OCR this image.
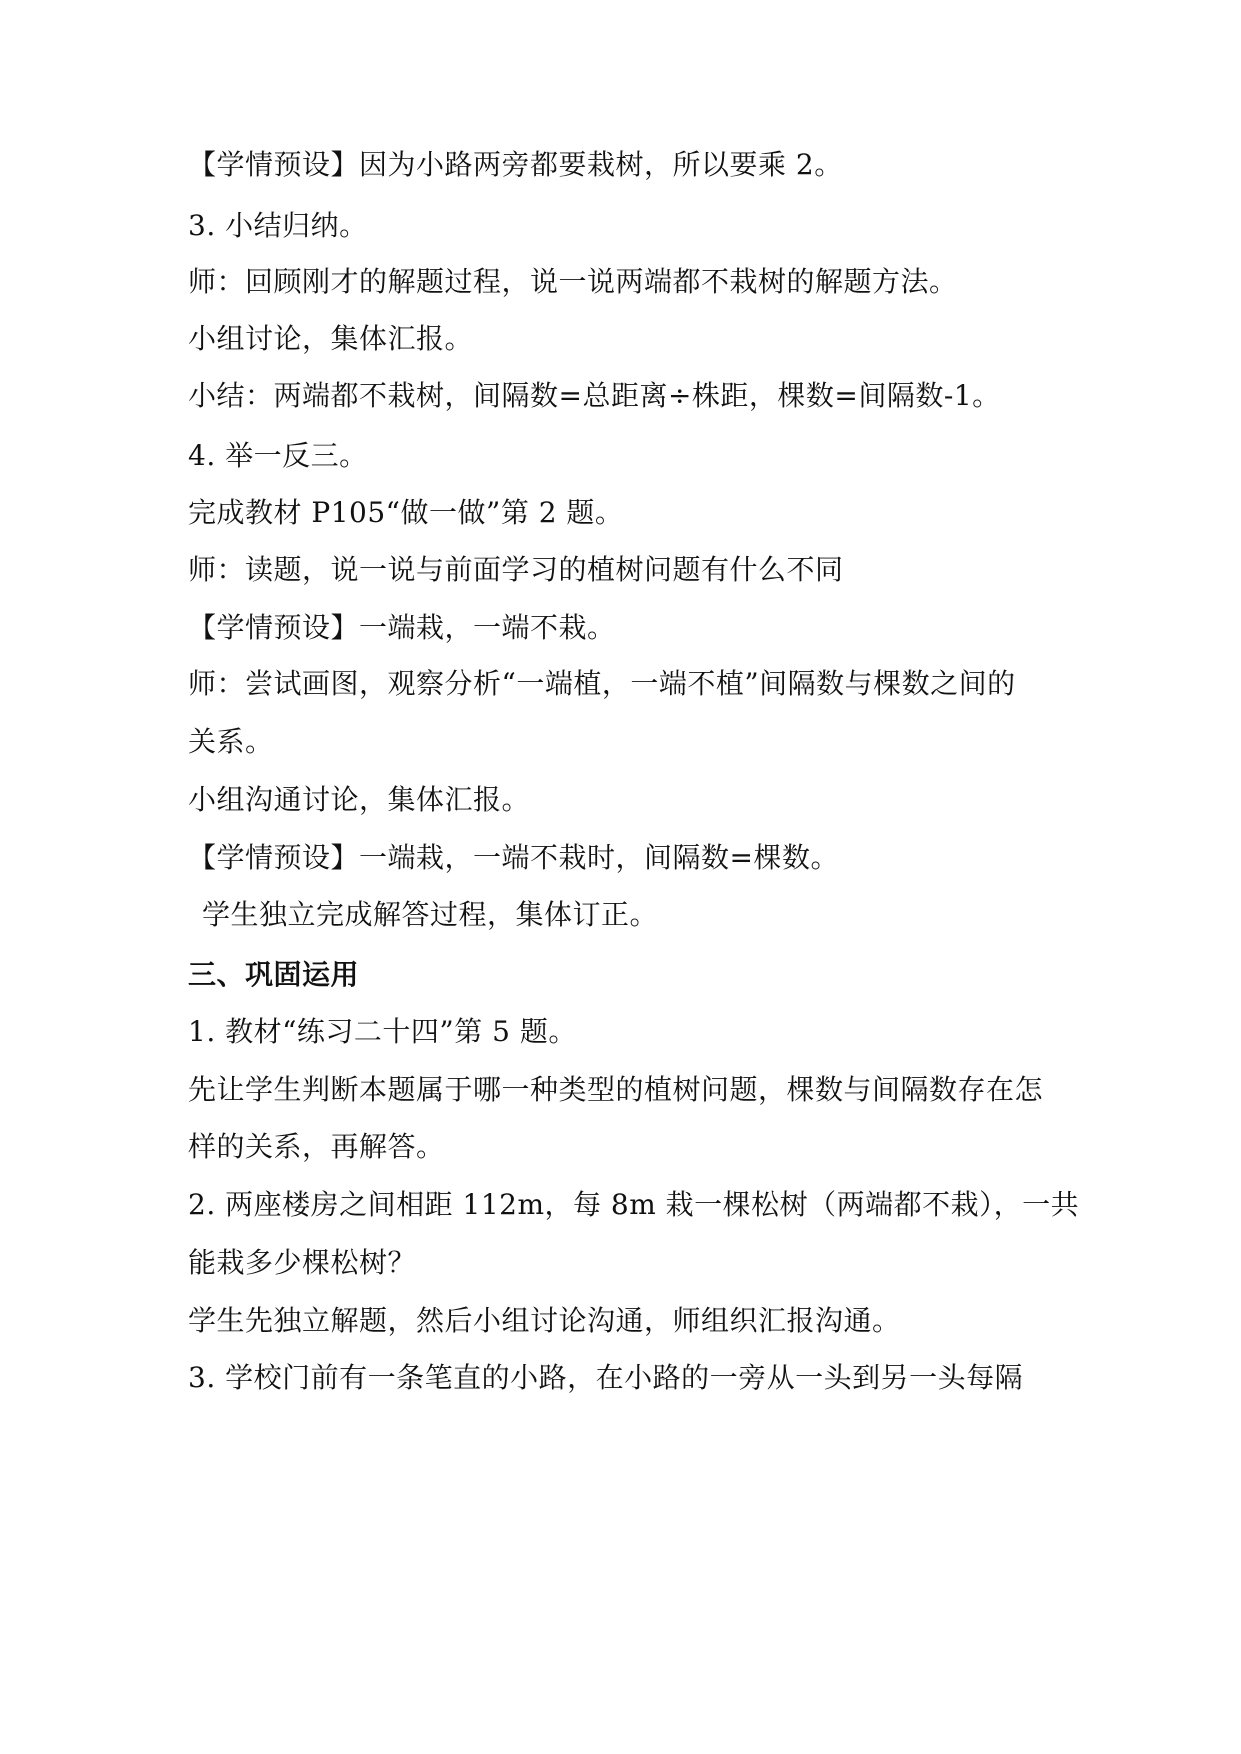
【学情预设】因为小路两旁都要栽树，所以要乘 2。
3. 小结归纳。
师：回顾刚才的解题过程，说一说两端都不栽树的解题方法。
小组讨论，集体汇报。
小结：两端都不栽树，间隔数=总距离÷株距，棵数=间隔数-1。
4. 举一反三。
完成教材 P105“做一做”第 2 题。
师：读题，说一说与前面学习的植树问题有什么不同
【学情预设】一端栽，一端不栽。
师：尝试画图，观察分析“一端植，一端不植”间隔数与棵数之间的
关系。
小组沟通讨论，集体汇报。
【学情预设】一端栽，一端不栽时，间隔数=棵数。
学生独立完成解答过程，集体订正。
三、巩固运用
1. 教材“练习二十四”第 5 题。
先让学生判断本题属于哪一种类型的植树问题，棵数与间隔数存在怎
样的关系，再解答。
2. 两座楼房之间相距 112m，每 8m 栽一棵松树（两端都不栽），一共
能栽多少棵松树？
学生先独立解题，然后小组讨论沟通，师组织汇报沟通。
3. 学校门前有一条笔直的小路，在小路的一旁从一头到另一头每隔
